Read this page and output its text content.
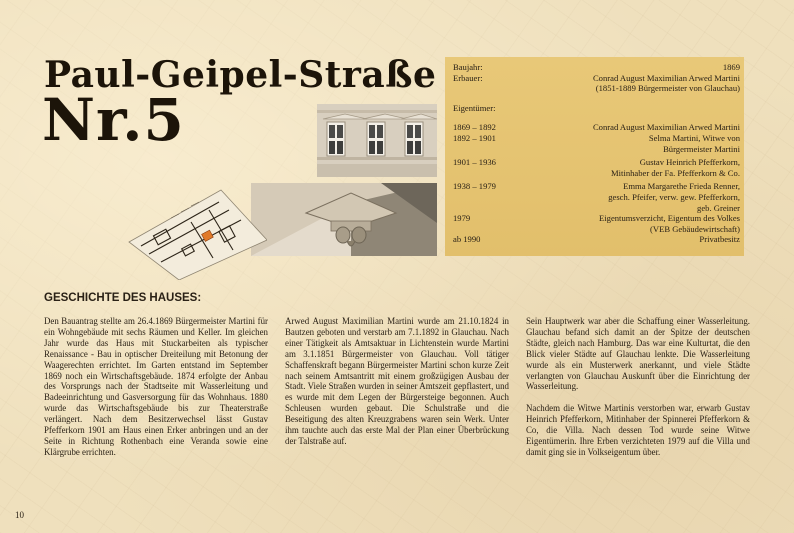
Paul-Geipel-Straße
Nr.5
Baujahr:	1869
Erbauer:	Conrad August Maximilian Arwed Martini
(1851-1889 Bürgermeister von Glauchau)
Eigentümer:
1869 – 1892	Conrad August Maximilian Arwed Martini
1892 – 1901	Selma Martini, Witwe von
Bürgermeister Martini
1901 – 1936	Gustav Heinrich Pfefferkorn,
Mitinhaber der Fa. Pfefferkorn & Co.
1938 – 1979	Emma Margarethe Frieda Renner,
gesch. Pfeifer, verw. gew. Pfefferkorn,
geb. Greiner
1979	Eigentumsverzicht, Eigentum des Volkes
(VEB Gebäudewirtschaft)
ab 1990	Privatbesitz
GESCHICHTE DES HAUSES:

Den Bauantrag stellte am 26.4.1869 Bürgermeister Martini für ein Wohngebäude mit sechs Räumen und Keller. Im gleichen Jahr wurde das Haus mit Stuckarbeiten als typischer Renaissance - Bau in optischer Dreiteilung mit Betonung der Waagerechten errichtet. Im Garten entstand im September 1869 noch ein Wirtschaftsgebäude. 1874 erfolgte der Anbau des Vorsprungs nach der Stadtseite mit Wasserleitung und Badeeinrichtung und Gasversorgung für das Wohnhaus. 1880 wurde das Wirtschaftsgebäude bis zur Theaterstraße verlängert. Nach dem Besitzerwechsel lässt Gustav Pfefferkorn 1901 am Haus einen Erker anbringen und an der Seite in Richtung Rothenbach eine Veranda sowie eine Klärgrube errichten.

Arwed August Maximilian Martini wurde am 21.10.1824 in Bautzen geboten und verstarb am 7.1.1892 in Glauchau. Nach einer Tätigkeit als Amtsaktuar in Lichtenstein wurde Martini am 3.1.1851 Bürgermeister von Glauchau. Voll tätiger Schaffenskraft begann Bürgermeister Martini schon kurze Zeit nach seinem Amtsantritt mit einem großzügigen Ausbau der Stadt. Viele Straßen wurden in seiner Amtszeit gepflastert, und es wurde mit dem Legen der Bürgersteige begonnen. Auch Schleusen wurden gebaut. Die Schulstraße und die Beseitigung des alten Kreuzgrabens waren sein Werk. Unter ihm tauchte auch das erste Mal der Plan einer Überbrückung der Talstraße auf.

Sein Hauptwerk war aber die Schaffung einer Wasserleitung. Glauchau befand sich damit an der Spitze der deutschen Städte, gleich nach Hamburg. Das war eine Kulturtat, die den Blick vieler Städte auf Glauchau lenkte. Die Wasserleitung wurde als ein Musterwerk anerkannt, und viele Städte verlangten von Glauchau Auskunft über die Einrichtung der Wasserleitung.

Nachdem die Witwe Martinis verstorben war, erwarb Gustav Heinrich Pfefferkorn, Mitinhaber der Spinnerei Pfefferkorn & Co, die Villa. Nach dessen Tod wurde seine Witwe Eigentümerin. Ihre Erben verzichteten 1979 auf die Villa und damit ging sie in Volkseigentum über.

10
